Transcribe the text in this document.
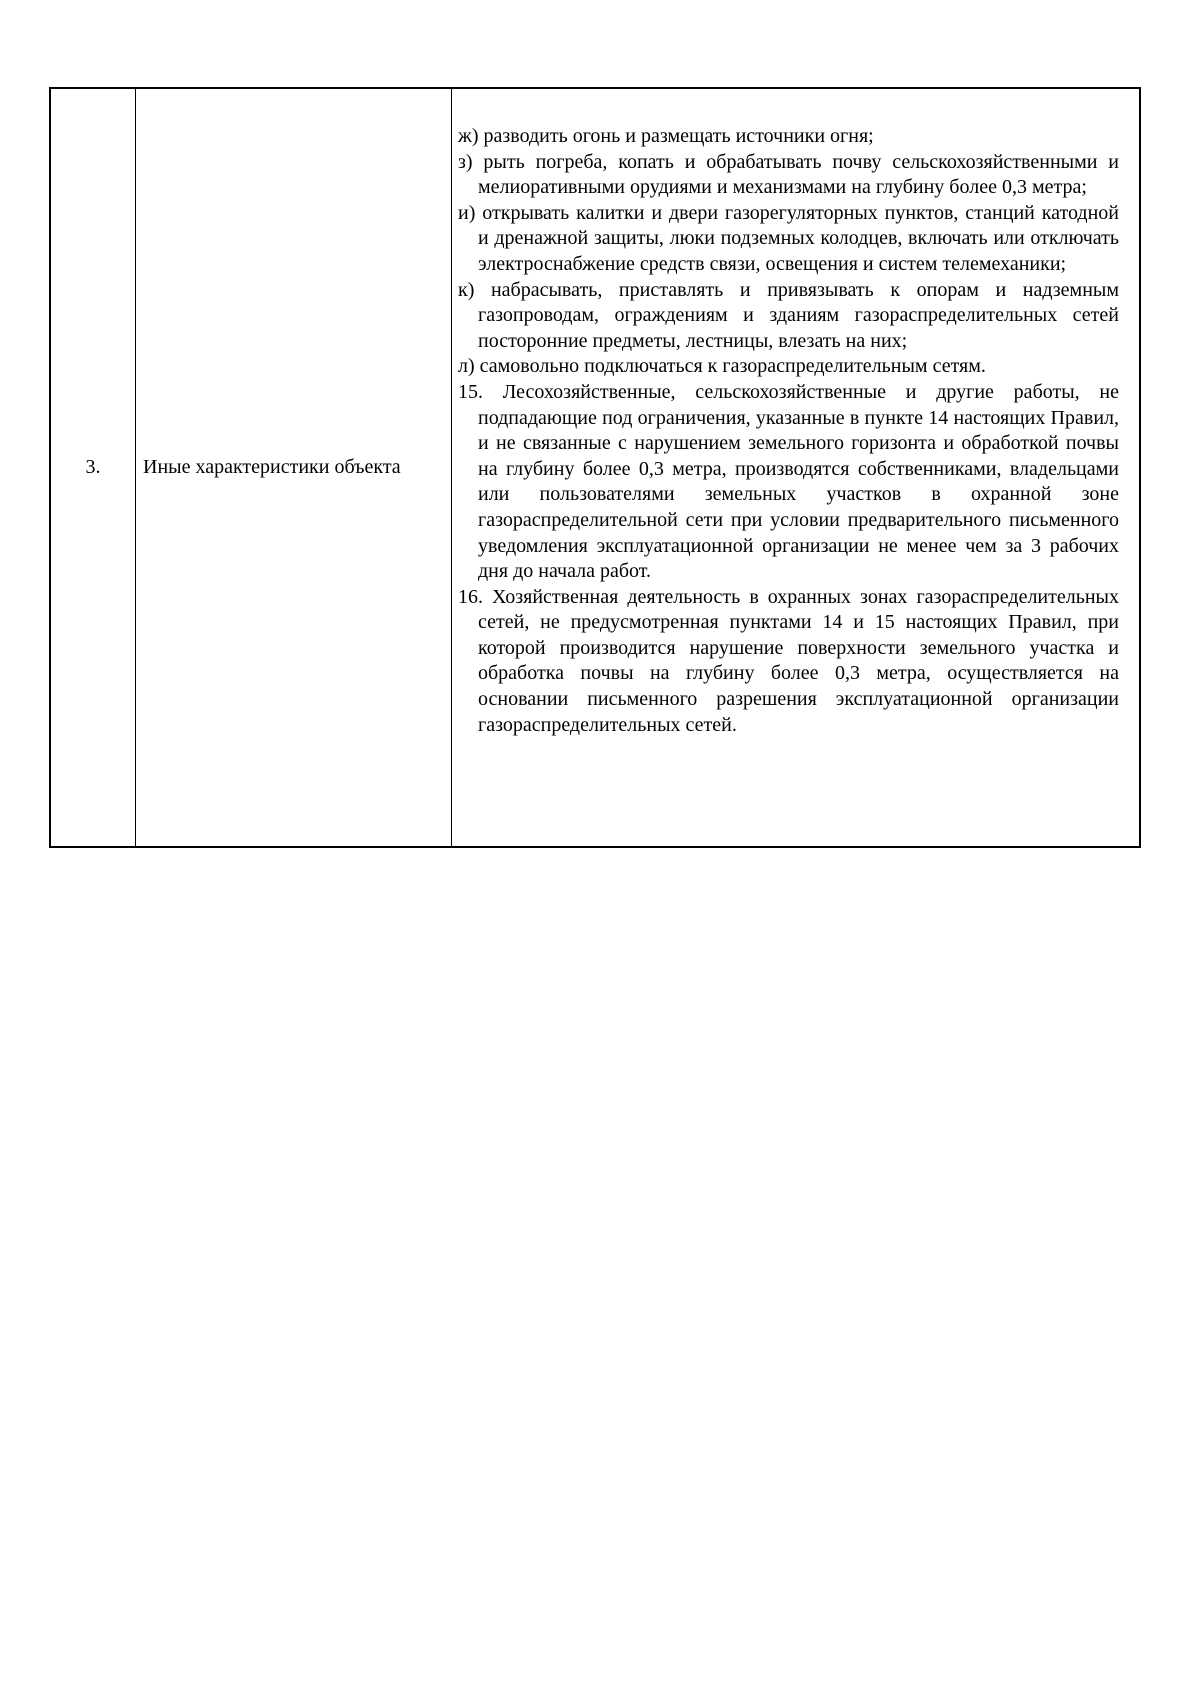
3. Иные характеристики объекта

ж) разводить огонь и размещать источники огня;

з) рыть погреба, копать и обрабатывать почву сельскохозяйственными и мелиоративными орудиями и механизмами на глубину более 0,3 метра;

и) открывать калитки и двери газорегуляторных пунктов, станций катодной и дренажной защиты, люки подземных колодцев, включать или отключать электроснабжение средств связи, освещения и систем телемеханики;

к) набрасывать, приставлять и привязывать к опорам и надземным газопроводам, ограждениям и зданиям газораспределительных сетей посторонние предметы, лестницы, влезать на них;

л) самовольно подключаться к газораспределительным сетям.

15. Лесохозяйственные, сельскохозяйственные и другие работы, не подпадающие под ограничения, указанные в пункте 14 настоящих Правил, и не связанные с нарушением земельного горизонта и обработкой почвы на глубину более 0,3 метра, производятся собственниками, владельцами или пользователями земельных участков в охранной зоне газораспределительной сети при условии предварительного письменного уведомления эксплуатационной организации не менее чем за 3 рабочих дня до начала работ.

16. Хозяйственная деятельность в охранных зонах газораспределительных сетей, не предусмотренная пунктами 14 и 15 настоящих Правил, при которой производится нарушение поверхности земельного участка и обработка почвы на глубину более 0,3 метра, осуществляется на основании письменного разрешения эксплуатационной организации газораспределительных сетей.
